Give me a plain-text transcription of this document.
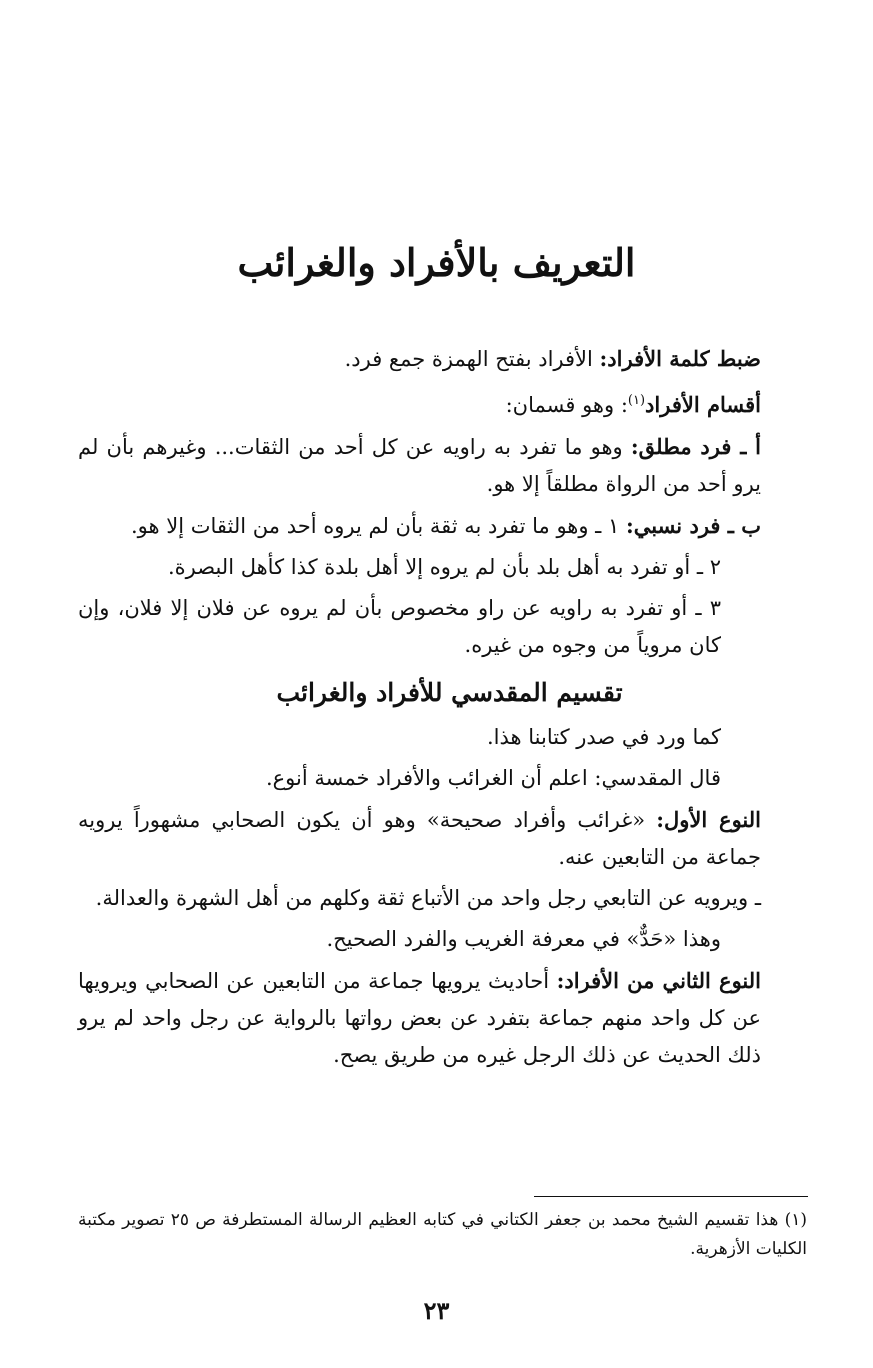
التعريف بالأفراد والغرائب

ضبط كلمة الأفراد: الأفراد بفتح الهمزة جمع فرد.

أقسام الأفراد$^{(١)}$: وهو قسمان:

أ ـ فرد مطلق: وهو ما تفرد به راويه عن كل أحد من الثقات... وغيرهم بأن لم يرو أحد من الرواة مطلقاً إلا هو.

ب ـ فرد نسبي: ١ ـ وهو ما تفرد به ثقة بأن لم يروه أحد من الثقات إلا هو.

٢ ـ أو تفرد به أهل بلد بأن لم يروه إلا أهل بلدة كذا كأهل البصرة.

٣ ـ أو تفرد به راويه عن راو مخصوص بأن لم يروه عن فلان إلا فلان، وإن كان مروياً من وجوه من غيره.

تقسيم المقدسي للأفراد والغرائب

كما ورد في صدر كتابنا هذا.

قال المقدسي: اعلم أن الغرائب والأفراد خمسة أنوع.

النوع الأول: «غرائب وأفراد صحيحة» وهو أن يكون الصحابي مشهوراً يرويه جماعة من التابعين عنه.

ـ ويرويه عن التابعي رجل واحد من الأتباع ثقة وكلهم من أهل الشهرة والعدالة.

وهذا «حَدٌّ» في معرفة الغريب والفرد الصحيح.

النوع الثاني من الأفراد: أحاديث يرويها جماعة من التابعين عن الصحابي ويرويها عن كل واحد منهم جماعة بتفرد عن بعض رواتها بالرواية عن رجل واحد لم يرو ذلك الحديث عن ذلك الرجل غيره من طريق يصح.

(١) هذا تقسيم الشيخ محمد بن جعفر الكتاني في كتابه العظيم الرسالة المستطرفة ص ٢٥ تصوير مكتبة الكليات الأزهرية.
٢٣
